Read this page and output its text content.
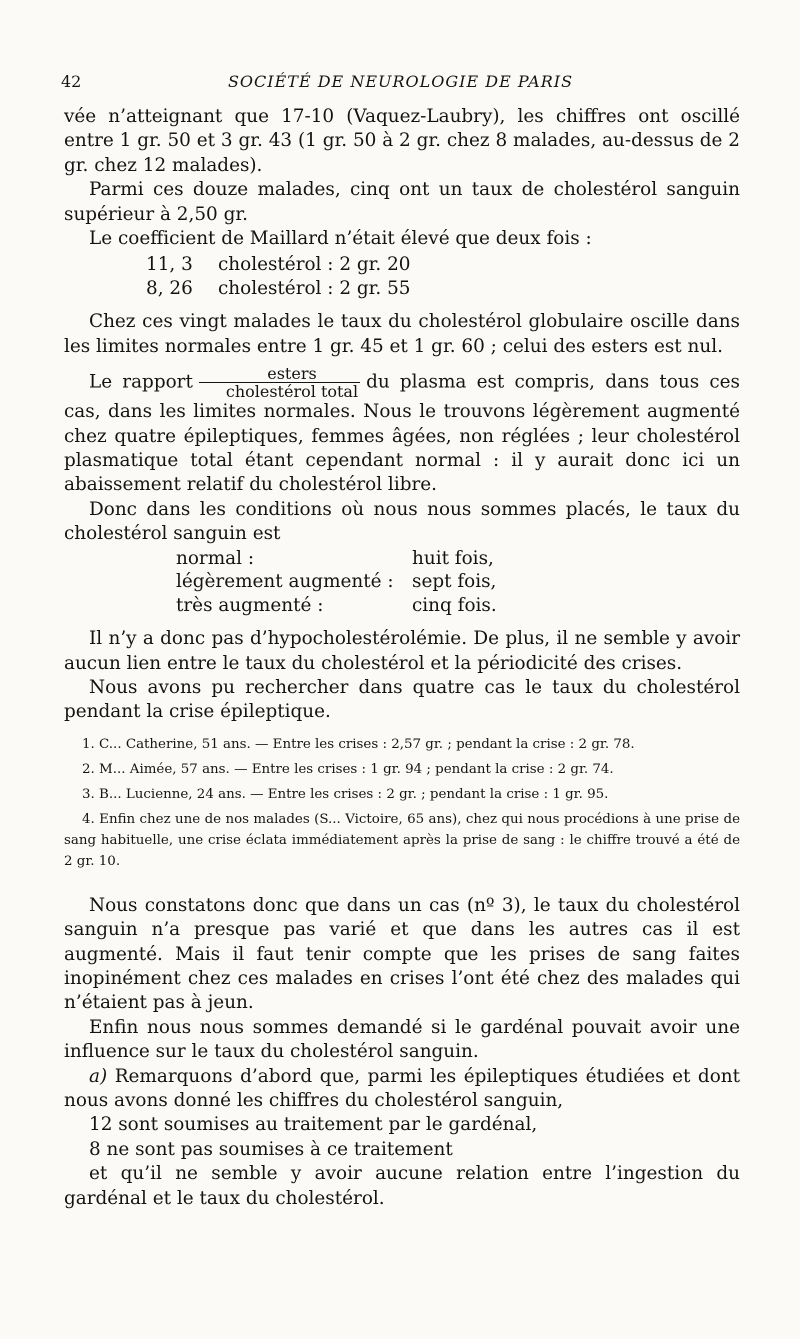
42	SOCIÉTÉ DE NEUROLOGIE DE PARIS

vée n’atteignant que 17-10 (Vaquez-Laubry), les chiffres ont oscillé entre 1 gr. 50 et 3 gr. 43 (1 gr. 50 à 2 gr. chez 8 malades, au-dessus de 2 gr. chez 12 malades).

Parmi ces douze malades, cinq ont un taux de cholestérol sanguin supérieur à 2,50 gr.

Le coefficient de Maillard n’était élevé que deux fois :

11, 3	cholestérol : 2 gr. 20
8, 26	cholestérol : 2 gr. 55

Chez ces vingt malades le taux du cholestérol globulaire oscille dans les limites normales entre 1 gr. 45 et 1 gr. 60 ; celui des esters est nul.

Le rapport $\frac{\text{esters}}{\text{cholestérol total}}$ du plasma est compris, dans tous ces cas, dans les limites normales. Nous le trouvons légèrement augmenté chez quatre épileptiques, femmes âgées, non réglées ; leur cholestérol plasmatique total étant cependant normal : il y aurait donc ici un abaissement relatif du cholestérol libre.

Donc dans les conditions où nous nous sommes placés, le taux du cholestérol sanguin est

normal :	huit fois,
légèrement augmenté :	sept fois,
très augmenté :	cinq fois.

Il n’y a donc pas d’hypocholestérolémie. De plus, il ne semble y avoir aucun lien entre le taux du cholestérol et la périodicité des crises.

Nous avons pu rechercher dans quatre cas le taux du cholestérol pendant la crise épileptique.

1. C... Catherine, 51 ans. — Entre les crises : 2,57 gr. ; pendant la crise : 2 gr. 78.
2. M... Aimée, 57 ans. — Entre les crises : 1 gr. 94 ; pendant la crise : 2 gr. 74.
3. B... Lucienne, 24 ans. — Entre les crises : 2 gr. ; pendant la crise : 1 gr. 95.
4. Enfin chez une de nos malades (S... Victoire, 65 ans), chez qui nous procédions à une prise de sang habituelle, une crise éclata immédiatement après la prise de sang : le chiffre trouvé a été de 2 gr. 10.

Nous constatons donc que dans un cas (nº 3), le taux du cholestérol sanguin n’a presque pas varié et que dans les autres cas il est augmenté. Mais il faut tenir compte que les prises de sang faites inopinément chez ces malades en crises l’ont été chez des malades qui n’étaient pas à jeun.

Enfin nous nous sommes demandé si le gardénal pouvait avoir une influence sur le taux du cholestérol sanguin.

a) Remarquons d’abord que, parmi les épileptiques étudiées et dont nous avons donné les chiffres du cholestérol sanguin,

12 sont soumises au traitement par le gardénal,

8 ne sont pas soumises à ce traitement

et qu’il ne semble y avoir aucune relation entre l’ingestion du gardénal et le taux du cholestérol.
